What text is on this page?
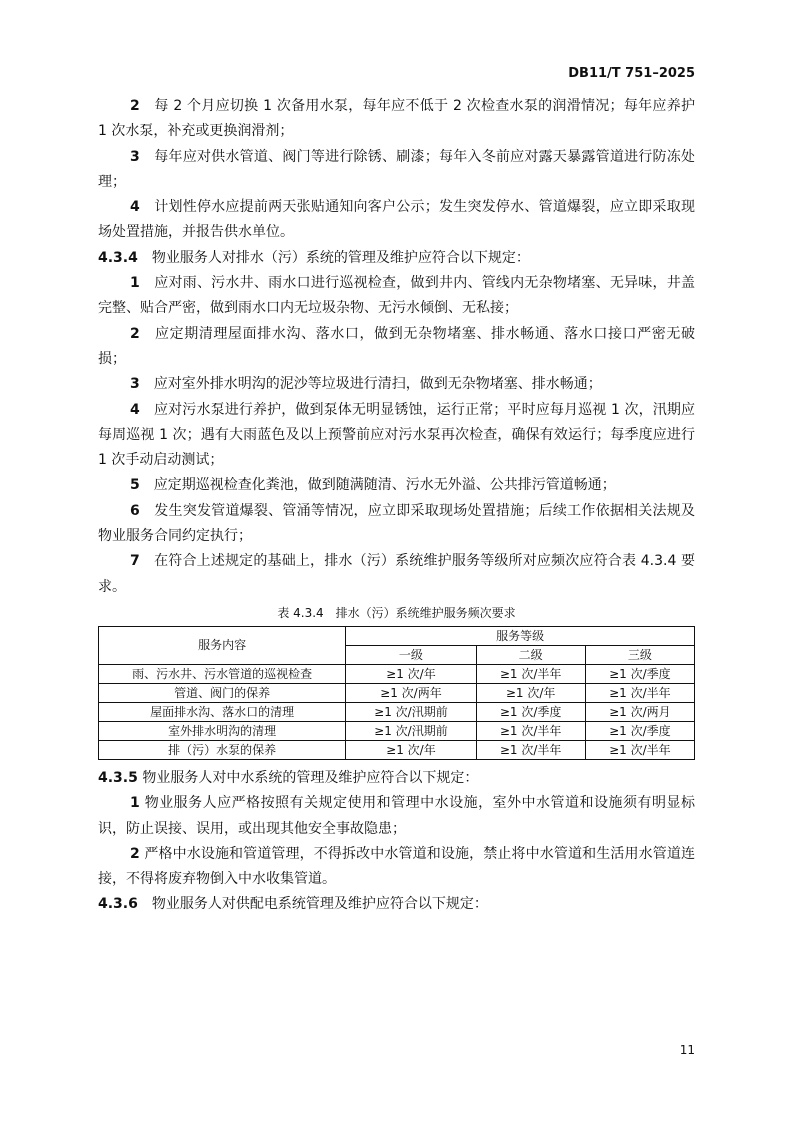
DB11/T 751–2025

2　 每 2 个月应切换 1 次备用水泵，每年应不低于 2 次检查水泵的润滑情况；每年应养护 1 次水泵，补充或更换润滑剂；

3　 每年应对供水管道、阀门等进行除锈、刷漆；每年入冬前应对露天暴露管道进行防冻处理；

4　 计划性停水应提前两天张贴通知向客户公示；发生突发停水、管道爆裂，应立即采取现场处置措施，并报告供水单位。

4.3.4　 物业服务人对排水（污）系统的管理及维护应符合以下规定：

1　 应对雨、污水井、雨水口进行巡视检查，做到井内、管线内无杂物堵塞、无异味，井盖完整、贴合严密，做到雨水口内无垃圾杂物、无污水倾倒、无私接；

2　 应定期清理屋面排水沟、落水口，做到无杂物堵塞、排水畅通、落水口接口严密无破损；

3　 应对室外排水明沟的泥沙等垃圾进行清扫，做到无杂物堵塞、排水畅通；

4　 应对污水泵进行养护，做到泵体无明显锈蚀，运行正常；平时应每月巡视 1 次，汛期应每周巡视 1 次；遇有大雨蓝色及以上预警前应对污水泵再次检查，确保有效运行；每季度应进行 1 次手动启动测试；

5　 应定期巡视检查化粪池，做到随满随清、污水无外溢、公共排污管道畅通；

6　 发生突发管道爆裂、管涌等情况，应立即采取现场处置措施；后续工作依据相关法规及物业服务合同约定执行；

7　 在符合上述规定的基础上，排水（污）系统维护服务等级所对应频次应符合表 4.3.4 要求。

表 4.3.4　排水（污）系统维护服务频次要求
服务内容	服务等级		
	一级	二级	三级
雨、污水井、污水管道的巡视检查	≥1 次/年	≥1 次/半年	≥1 次/季度
管道、阀门的保养	≥1 次/两年	≥1 次/年	≥1 次/半年
屋面排水沟、落水口的清理	≥1 次/汛期前	≥1 次/季度	≥1 次/两月
室外排水明沟的清理	≥1 次/汛期前	≥1 次/半年	≥1 次/季度
排（污）水泵的保养	≥1 次/年	≥1 次/半年	≥1 次/半年

4.3.5 物业服务人对中水系统的管理及维护应符合以下规定：

1 物业服务人应严格按照有关规定使用和管理中水设施，室外中水管道和设施须有明显标识，防止误接、误用，或出现其他安全事故隐患；

2 严格中水设施和管道管理，不得拆改中水管道和设施，禁止将中水管道和生活用水管道连接，不得将废弃物倒入中水收集管道。

4.3.6　 物业服务人对供配电系统管理及维护应符合以下规定：

11
